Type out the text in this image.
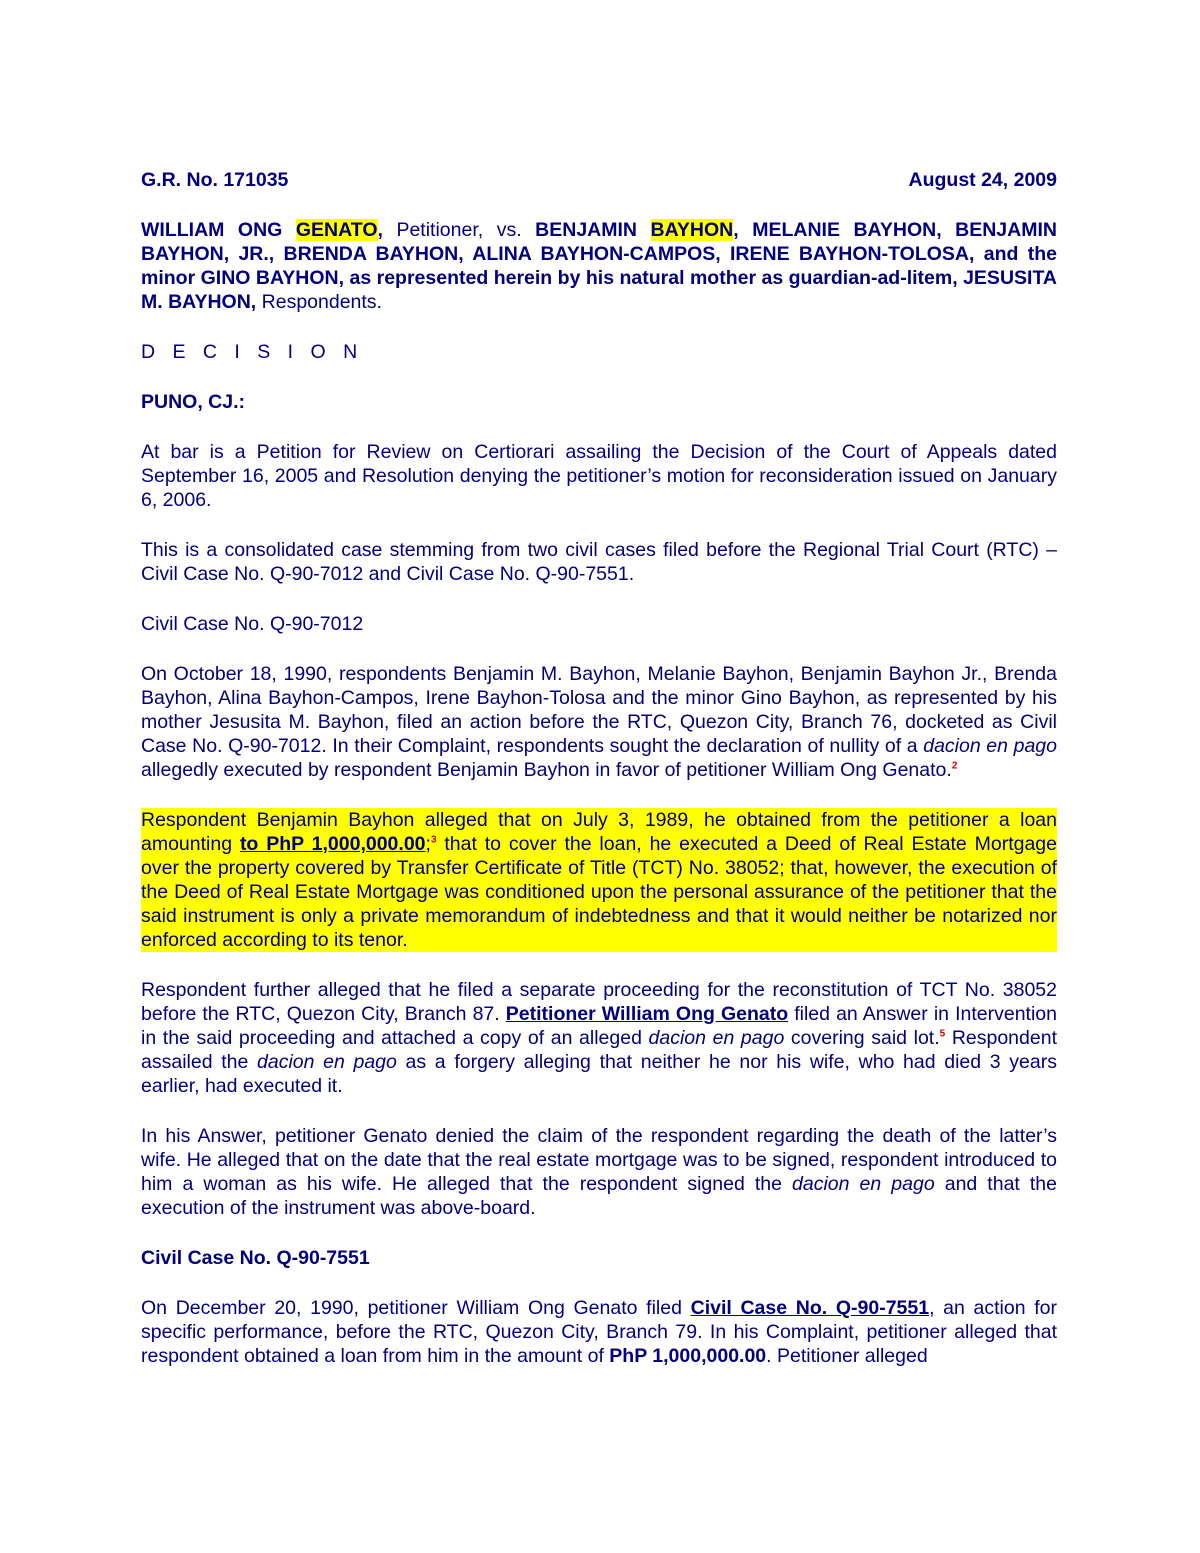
G.R. No. 171035	August 24, 2009

WILLIAM ONG GENATO, Petitioner, vs. BENJAMIN BAYHON, MELANIE BAYHON, BENJAMIN BAYHON, JR., BRENDA BAYHON, ALINA BAYHON-CAMPOS, IRENE BAYHON-TOLOSA, and the minor GINO BAYHON, as represented herein by his natural mother as guardian-ad-litem, JESUSITA M. BAYHON, Respondents.

D E C I S I O N

PUNO, CJ.:

At bar is a Petition for Review on Certiorari assailing the Decision of the Court of Appeals dated September 16, 2005 and Resolution denying the petitioner’s motion for reconsideration issued on January 6, 2006.

This is a consolidated case stemming from two civil cases filed before the Regional Trial Court (RTC) – Civil Case No. Q-90-7012 and Civil Case No. Q-90-7551.

Civil Case No. Q-90-7012

On October 18, 1990, respondents Benjamin M. Bayhon, Melanie Bayhon, Benjamin Bayhon Jr., Brenda Bayhon, Alina Bayhon-Campos, Irene Bayhon-Tolosa and the minor Gino Bayhon, as represented by his mother Jesusita M. Bayhon, filed an action before the RTC, Quezon City, Branch 76, docketed as Civil Case No. Q-90-7012. In their Complaint, respondents sought the declaration of nullity of a dacion en pago allegedly executed by respondent Benjamin Bayhon in favor of petitioner William Ong Genato.$^2$

Respondent Benjamin Bayhon alleged that on July 3, 1989, he obtained from the petitioner a loan amounting to PhP 1,000,000.00;$^3$ that to cover the loan, he executed a Deed of Real Estate Mortgage over the property covered by Transfer Certificate of Title (TCT) No. 38052; that, however, the execution of the Deed of Real Estate Mortgage was conditioned upon the personal assurance of the petitioner that the said instrument is only a private memorandum of indebtedness and that it would neither be notarized nor enforced according to its tenor.

Respondent further alleged that he filed a separate proceeding for the reconstitution of TCT No. 38052 before the RTC, Quezon City, Branch 87. Petitioner William Ong Genato filed an Answer in Intervention in the said proceeding and attached a copy of an alleged dacion en pago covering said lot.$^5$ Respondent assailed the dacion en pago as a forgery alleging that neither he nor his wife, who had died 3 years earlier, had executed it.

In his Answer, petitioner Genato denied the claim of the respondent regarding the death of the latter’s wife. He alleged that on the date that the real estate mortgage was to be signed, respondent introduced to him a woman as his wife. He alleged that the respondent signed the dacion en pago and that the execution of the instrument was above-board.

Civil Case No. Q-90-7551

On December 20, 1990, petitioner William Ong Genato filed Civil Case No. Q-90-7551, an action for specific performance, before the RTC, Quezon City, Branch 79. In his Complaint, petitioner alleged that respondent obtained a loan from him in the amount of PhP 1,000,000.00. Petitioner alleged
